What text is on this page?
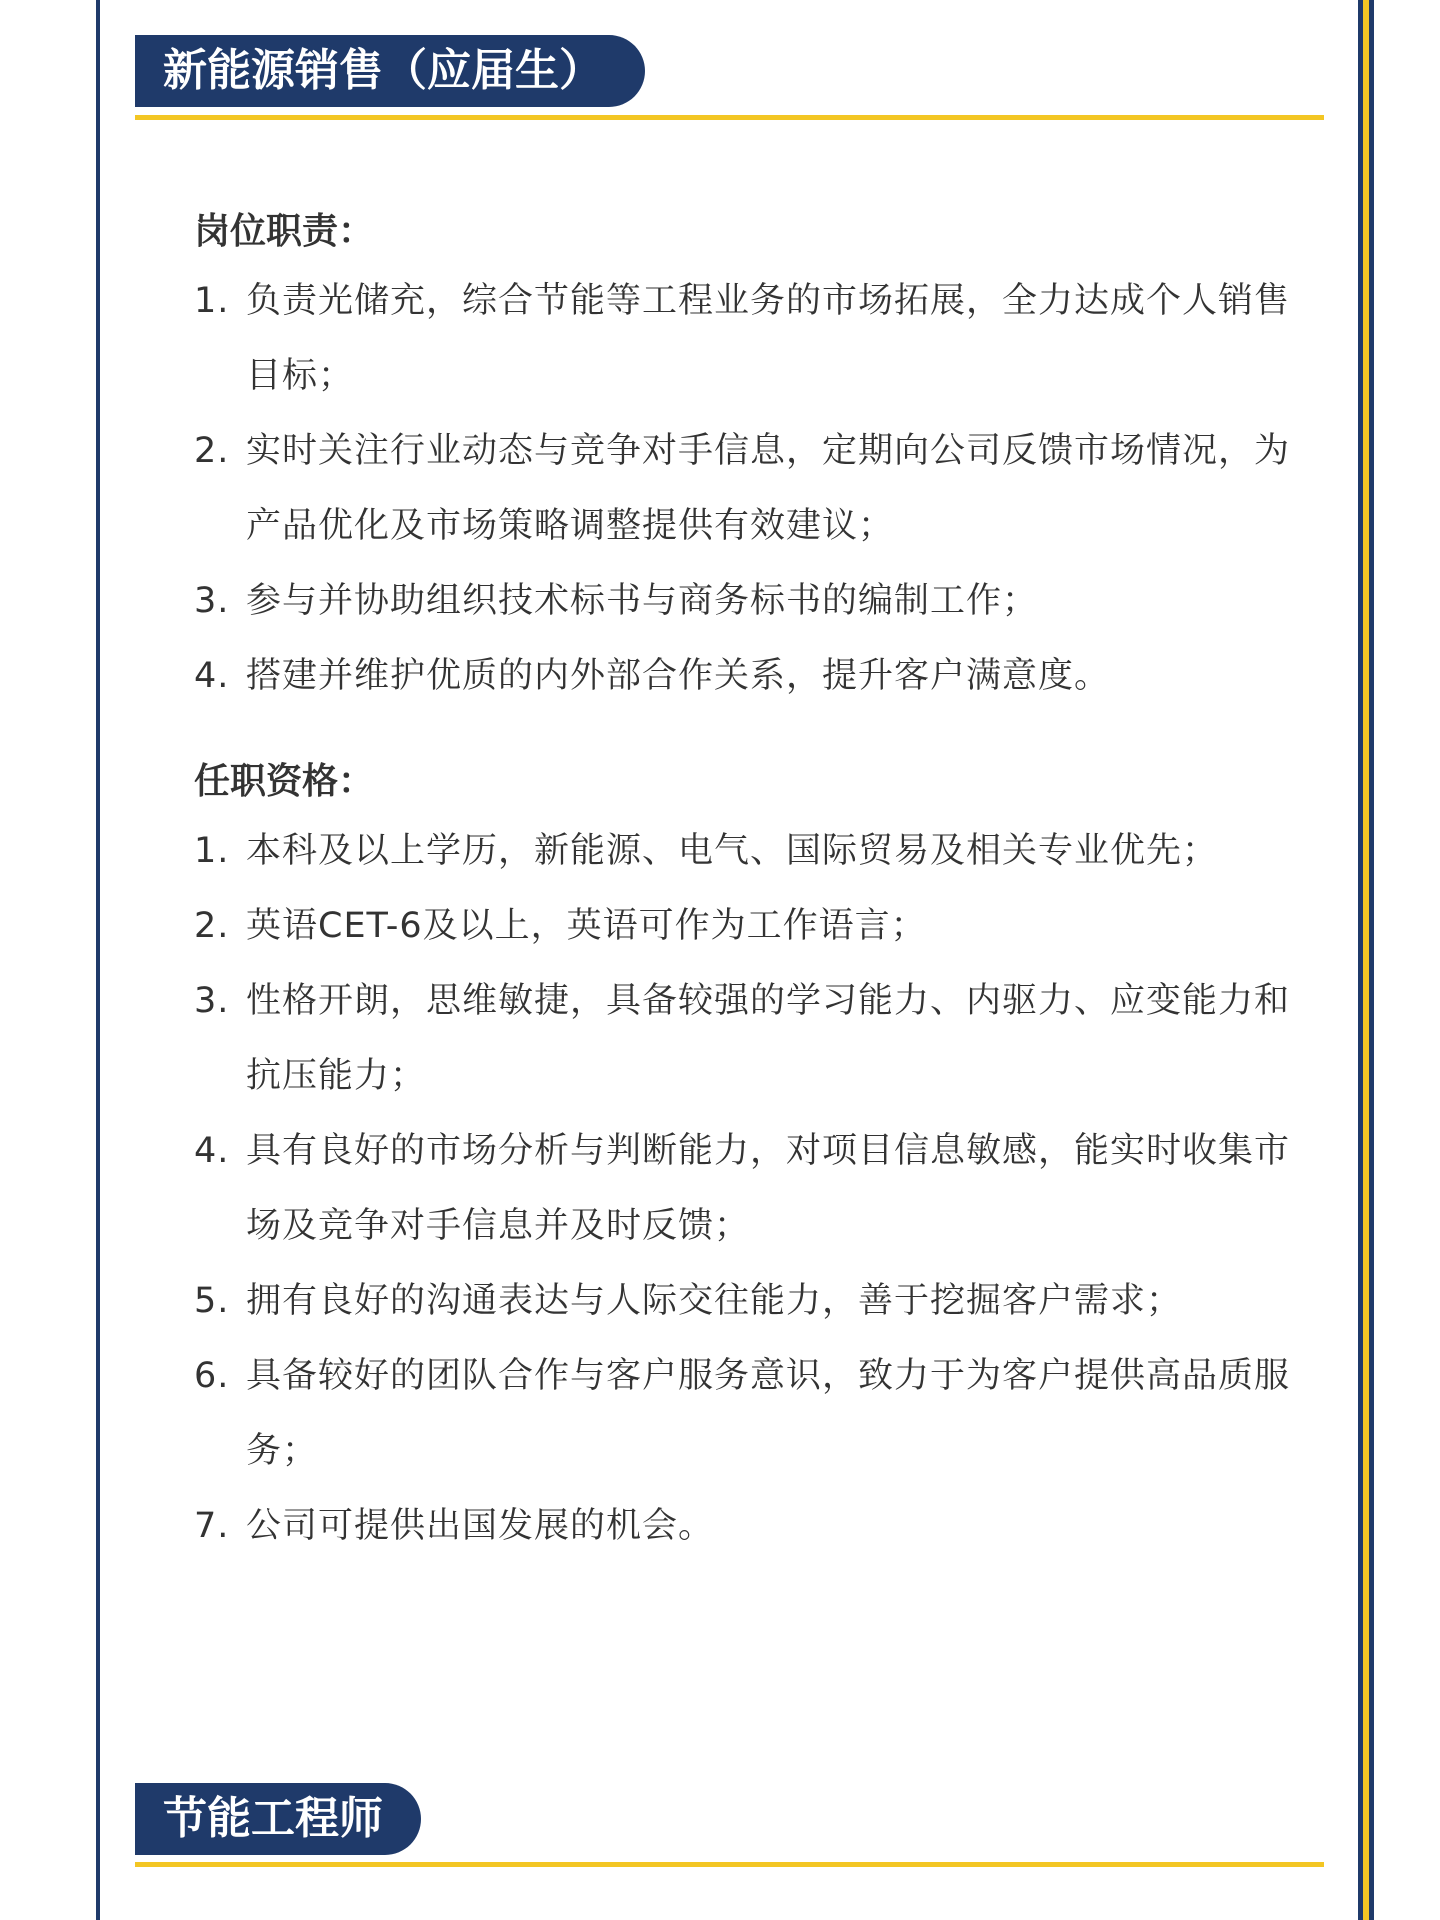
新能源销售（应届生）
岗位职责：
1. 负责光储充，综合节能等工程业务的市场拓展，全力达成个人销售目标；
2. 实时关注行业动态与竞争对手信息，定期向公司反馈市场情况，为产品优化及市场策略调整提供有效建议；
3. 参与并协助组织技术标书与商务标书的编制工作；
4. 搭建并维护优质的内外部合作关系，提升客户满意度。
任职资格：
1. 本科及以上学历，新能源、电气、国际贸易及相关专业优先；
2. 英语CET-6及以上，英语可作为工作语言；
3. 性格开朗，思维敏捷，具备较强的学习能力、内驱力、应变能力和抗压能力；
4. 具有良好的市场分析与判断能力，对项目信息敏感，能实时收集市场及竞争对手信息并及时反馈；
5. 拥有良好的沟通表达与人际交往能力，善于挖掘客户需求；
6. 具备较好的团队合作与客户服务意识，致力于为客户提供高品质服务；
7. 公司可提供出国发展的机会。
节能工程师
